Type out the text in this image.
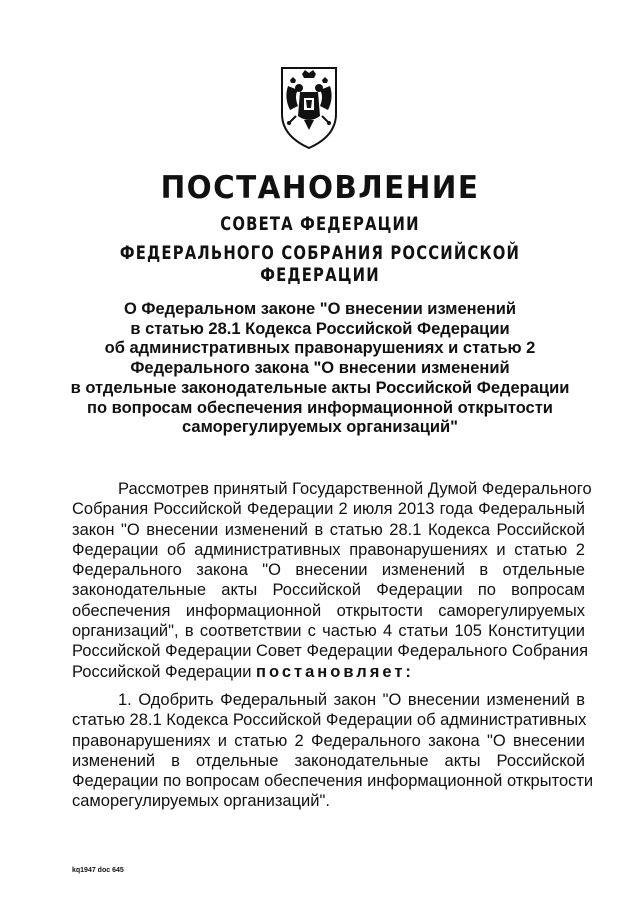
ПОСТАНОВЛЕНИЕ
СОВЕТА ФЕДЕРАЦИИ
ФЕДЕРАЛЬНОГО СОБРАНИЯ РОССИЙСКОЙ ФЕДЕРАЦИИ
О Федеральном законе "О внесении изменений
в статью 28.1 Кодекса Российской Федерации
об административных правонарушениях и статью 2
Федерального закона "О внесении изменений
в отдельные законодательные акты Российской Федерации
по вопросам обеспечения информационной открытости
саморегулируемых организаций"
Рассмотрев принятый Государственной Думой Федерального
Собрания Российской Федерации 2 июля 2013 года Федеральный
закон "О внесении изменений в статью 28.1 Кодекса Российской
Федерации об административных правонарушениях и статью 2
Федерального закона "О внесении изменений в отдельные
законодательные акты Российской Федерации по вопросам
обеспечения информационной открытости саморегулируемых
организаций", в соответствии с частью 4 статьи 105 Конституции
Российской Федерации Совет Федерации Федерального Собрания
Российской Федерации постановляет:
1. Одобрить Федеральный закон "О внесении изменений в
статью 28.1 Кодекса Российской Федерации об административных
правонарушениях и статью 2 Федерального закона "О внесении
изменений в отдельные законодательные акты Российской
Федерации по вопросам обеспечения информационной открытости
саморегулируемых организаций".
kq1947 doc 645
